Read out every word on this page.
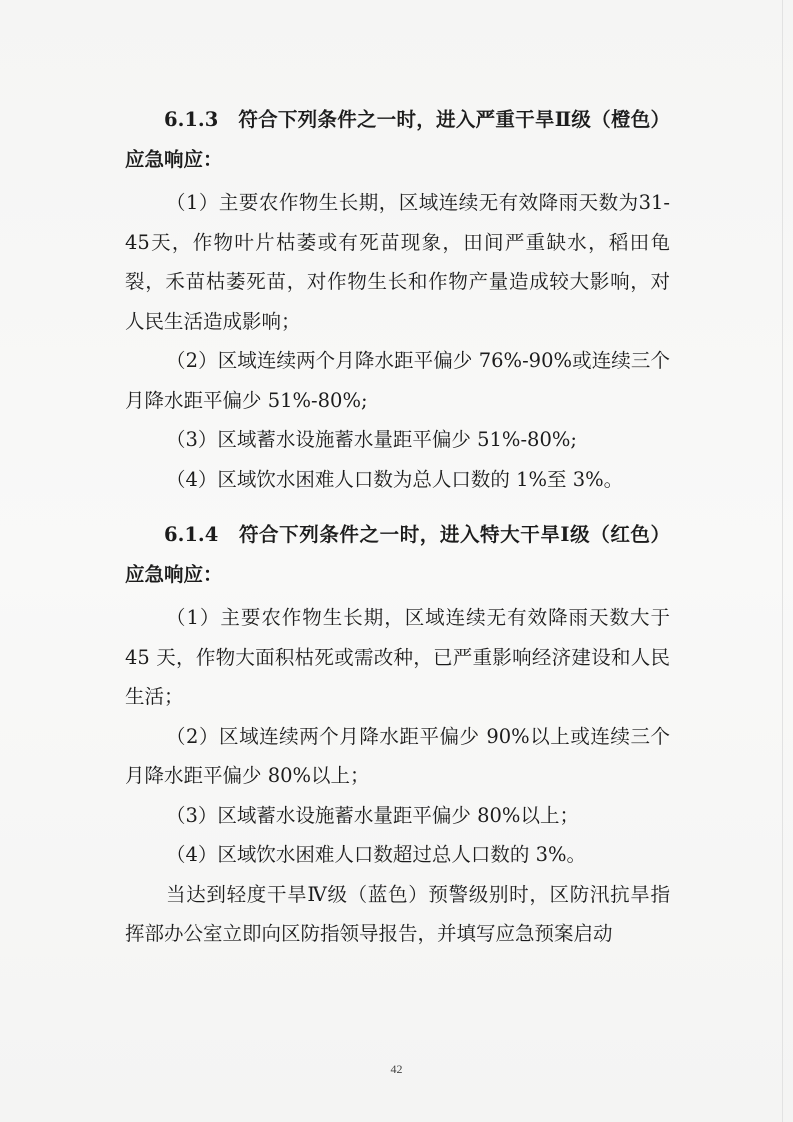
6.1.3　符合下列条件之一时，进入严重干旱Ⅱ级（橙色）应急响应：

（1）主要农作物生长期，区域连续无有效降雨天数为31-45天，作物叶片枯萎或有死苗现象，田间严重缺水，稻田龟裂，禾苗枯萎死苗，对作物生长和作物产量造成较大影响，对人民生活造成影响；

（2）区域连续两个月降水距平偏少 76%-90%或连续三个月降水距平偏少 51%-80%;

（3）区域蓄水设施蓄水量距平偏少 51%-80%;

（4）区域饮水困难人口数为总人口数的 1%至 3%。

6.1.4　符合下列条件之一时，进入特大干旱Ⅰ级（红色）应急响应：

（1）主要农作物生长期，区域连续无有效降雨天数大于 45 天，作物大面积枯死或需改种，已严重影响经济建设和人民生活；

（2）区域连续两个月降水距平偏少 90%以上或连续三个月降水距平偏少 80%以上；

（3）区域蓄水设施蓄水量距平偏少 80%以上；

（4）区域饮水困难人口数超过总人口数的 3%。

当达到轻度干旱Ⅳ级（蓝色）预警级别时，区防汛抗旱指挥部办公室立即向区防指领导报告，并填写应急预案启动

42
